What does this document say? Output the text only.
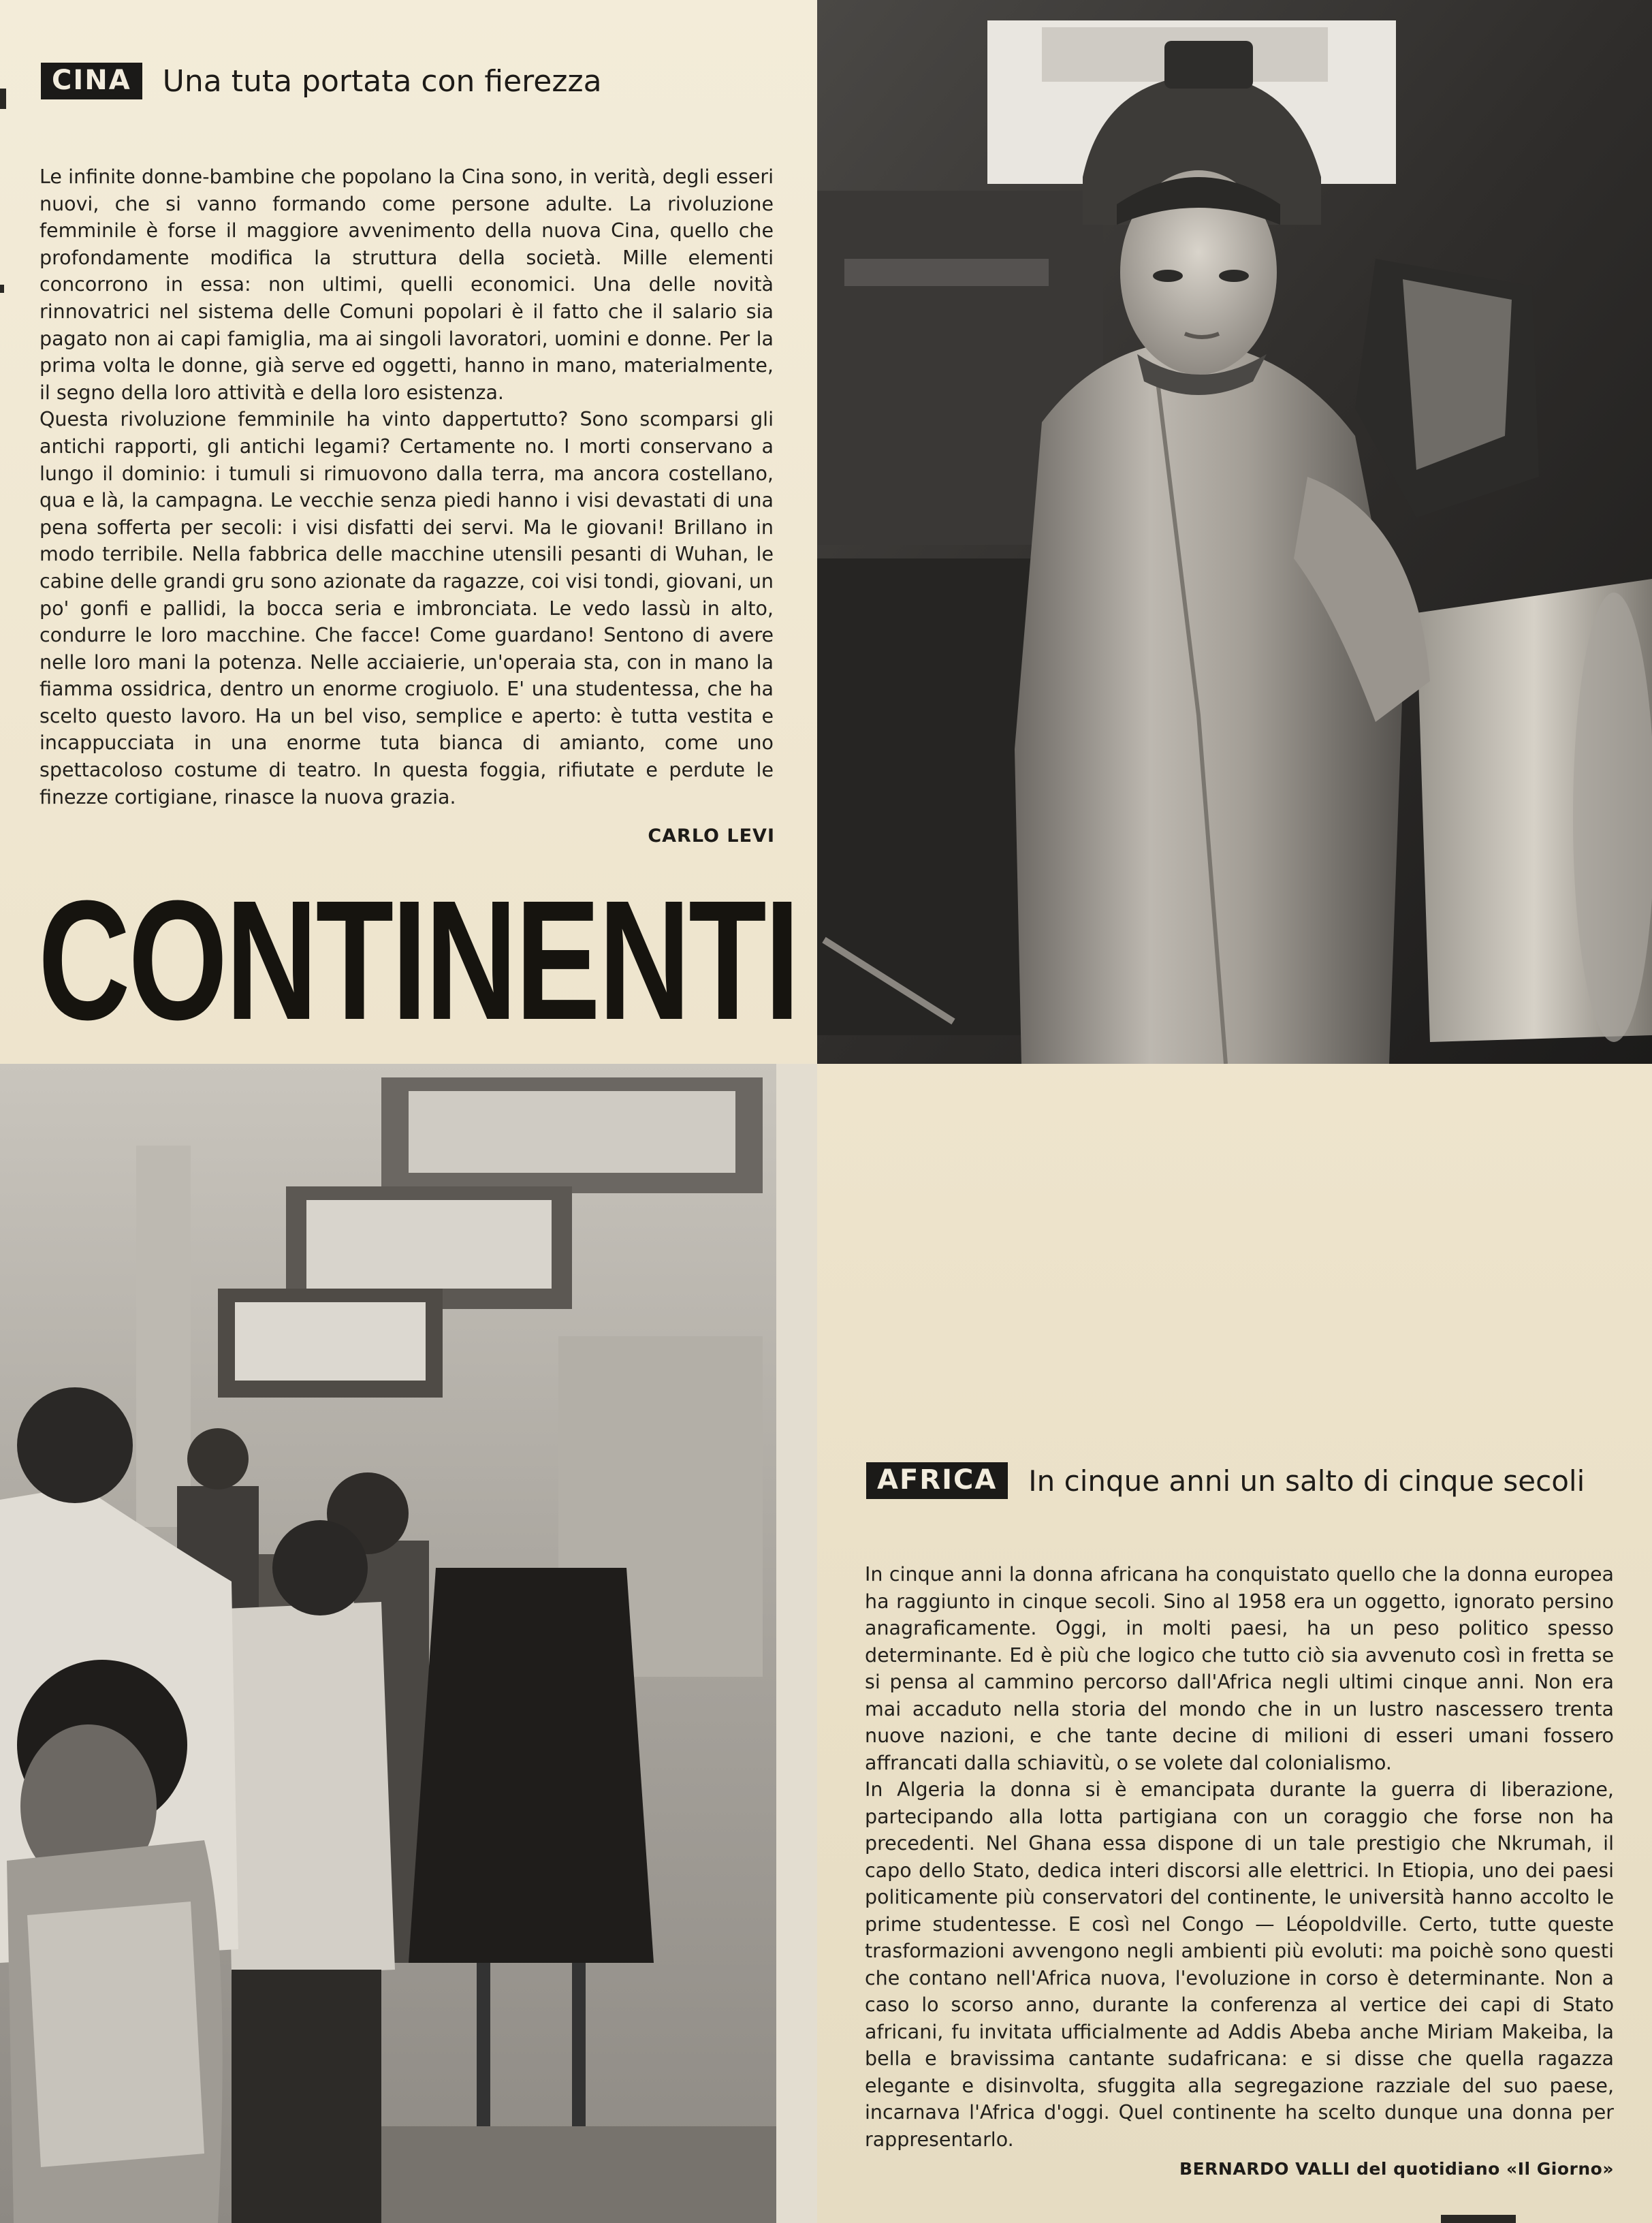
CINA	Una tuta portata con fierezza

Le infinite donne-bambine che popolano la Cina sono, in verità, degli esseri nuovi, che si vanno formando come persone adulte. La rivoluzione femminile è forse il maggiore avvenimento della nuova Cina, quello che profondamente modifica la struttura della società. Mille elementi concorrono in essa: non ultimi, quelli economici. Una delle novità rinnovatrici nel sistema delle Comuni popolari è il fatto che il salario sia pagato non ai capi famiglia, ma ai singoli lavoratori, uomini e donne. Per la prima volta le donne, già serve ed oggetti, hanno in mano, materialmente, il segno della loro attività e della loro esistenza.

Questa rivoluzione femminile ha vinto dappertutto? Sono scomparsi gli antichi rapporti, gli antichi legami? Certamente no. I morti conservano a lungo il dominio: i tumuli si rimuovono dalla terra, ma ancora costellano, qua e là, la campagna. Le vecchie senza piedi hanno i visi devastati di una pena sofferta per secoli: i visi disfatti dei servi. Ma le giovani! Brillano in modo terribile. Nella fabbrica delle macchine utensili pesanti di Wuhan, le cabine delle grandi gru sono azionate da ragazze, coi visi tondi, giovani, un po' gonfi e pallidi, la bocca seria e imbronciata. Le vedo lassù in alto, condurre le loro macchine. Che facce! Come guardano! Sentono di avere nelle loro mani la potenza. Nelle acciaierie, un'operaia sta, con in mano la fiamma ossidrica, dentro un enorme crogiuolo. E' una studentessa, che ha scelto questo lavoro. Ha un bel viso, semplice e aperto: è tutta vestita e incappucciata in una enorme tuta bianca di amianto, come uno spettacoloso costume di teatro. In questa foggia, rifiutate e perdute le finezze cortigiane, rinasce la nuova grazia.

CARLO LEVI
CONTINENTI
AFRICA	In cinque anni un salto di cinque secoli

In cinque anni la donna africana ha conquistato quello che la donna europea ha raggiunto in cinque secoli. Sino al 1958 era un oggetto, ignorato persino anagraficamente. Oggi, in molti paesi, ha un peso politico spesso determinante. Ed è più che logico che tutto ciò sia avvenuto così in fretta se si pensa al cammino percorso dall'Africa negli ultimi cinque anni. Non era mai accaduto nella storia del mondo che in un lustro nascessero trenta nuove nazioni, e che tante decine di milioni di esseri umani fossero affrancati dalla schiavitù, o se volete dal colonialismo.

In Algeria la donna si è emancipata durante la guerra di liberazione, partecipando alla lotta partigiana con un coraggio che forse non ha precedenti. Nel Ghana essa dispone di un tale prestigio che Nkrumah, il capo dello Stato, dedica interi discorsi alle elettrici. In Etiopia, uno dei paesi politicamente più conservatori del continente, le università hanno accolto le prime studentesse. E così nel Congo — Léopoldville. Certo, tutte queste trasformazioni avvengono negli ambienti più evoluti: ma poichè sono questi che contano nell'Africa nuova, l'evoluzione in corso è determinante. Non a caso lo scorso anno, durante la conferenza al vertice dei capi di Stato africani, fu invitata ufficialmente ad Addis Abeba anche Miriam Makeiba, la bella e bravissima cantante sudafricana: e si disse che quella ragazza elegante e disinvolta, sfuggita alla segregazione razziale del suo paese, incarnava l'Africa d'oggi. Quel continente ha scelto dunque una donna per rappresentarlo.

BERNARDO VALLI del quotidiano «Il Giorno»
